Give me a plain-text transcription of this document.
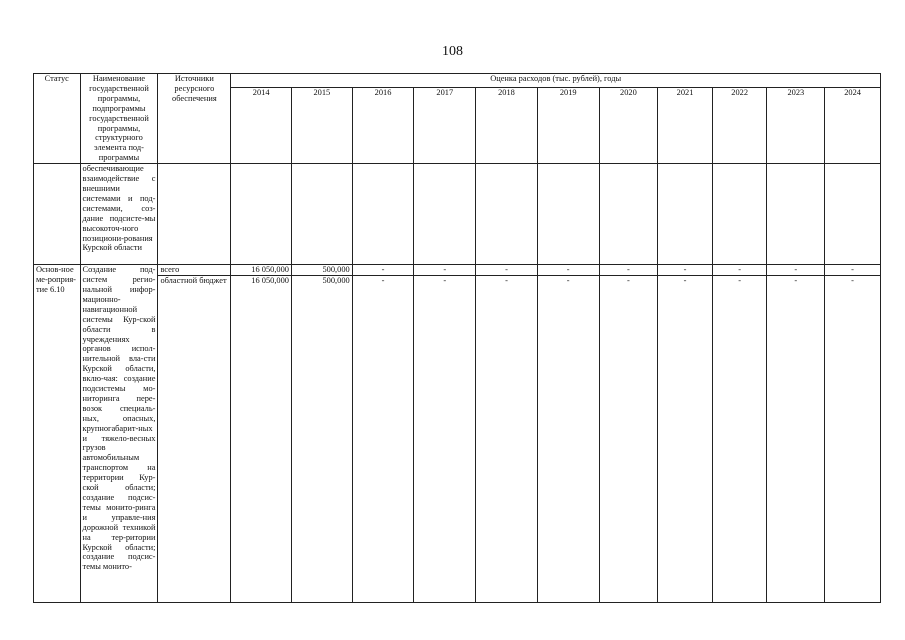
108
Статус	Наименование государственной программы, подпрограммы государственной программы, структурного элемента под-программы	Источники ресурсного обеспечения	Оценка расходов (тыс. рублей), годы										
			2014	2015	2016	2017	2018	2019	2020	2021	2022	2023	2024
	обеспечивающие взаимодействие с внешними системами и под-системами, соз-дание подсисте-мы высокоточ-ного позициони-рования Курской области												
Основ-ное ме-роприя-тие 6.10	Создание под-систем регио-нальной инфор-мационно-навигационной системы Кур-ской области в учреждениях органов испол-нительной вла-сти Курской области, вклю-чая: создание подсистемы мо-ниторинга пере-возок специаль-ных, опасных, крупногабарит-ных и тяжело-весных грузов автомобильным транспортом на территории Кур-ской области; создание подсис-темы монито-ринга и управле-ния дорожной техникой на тер-ритории Курской области; создание подсис-темы монито-	всего	16 050,000	500,000	-	-	-	-	-	-	-	-	-
		областной бюджет	16 050,000	500,000	-	-	-	-	-	-	-	-	-
